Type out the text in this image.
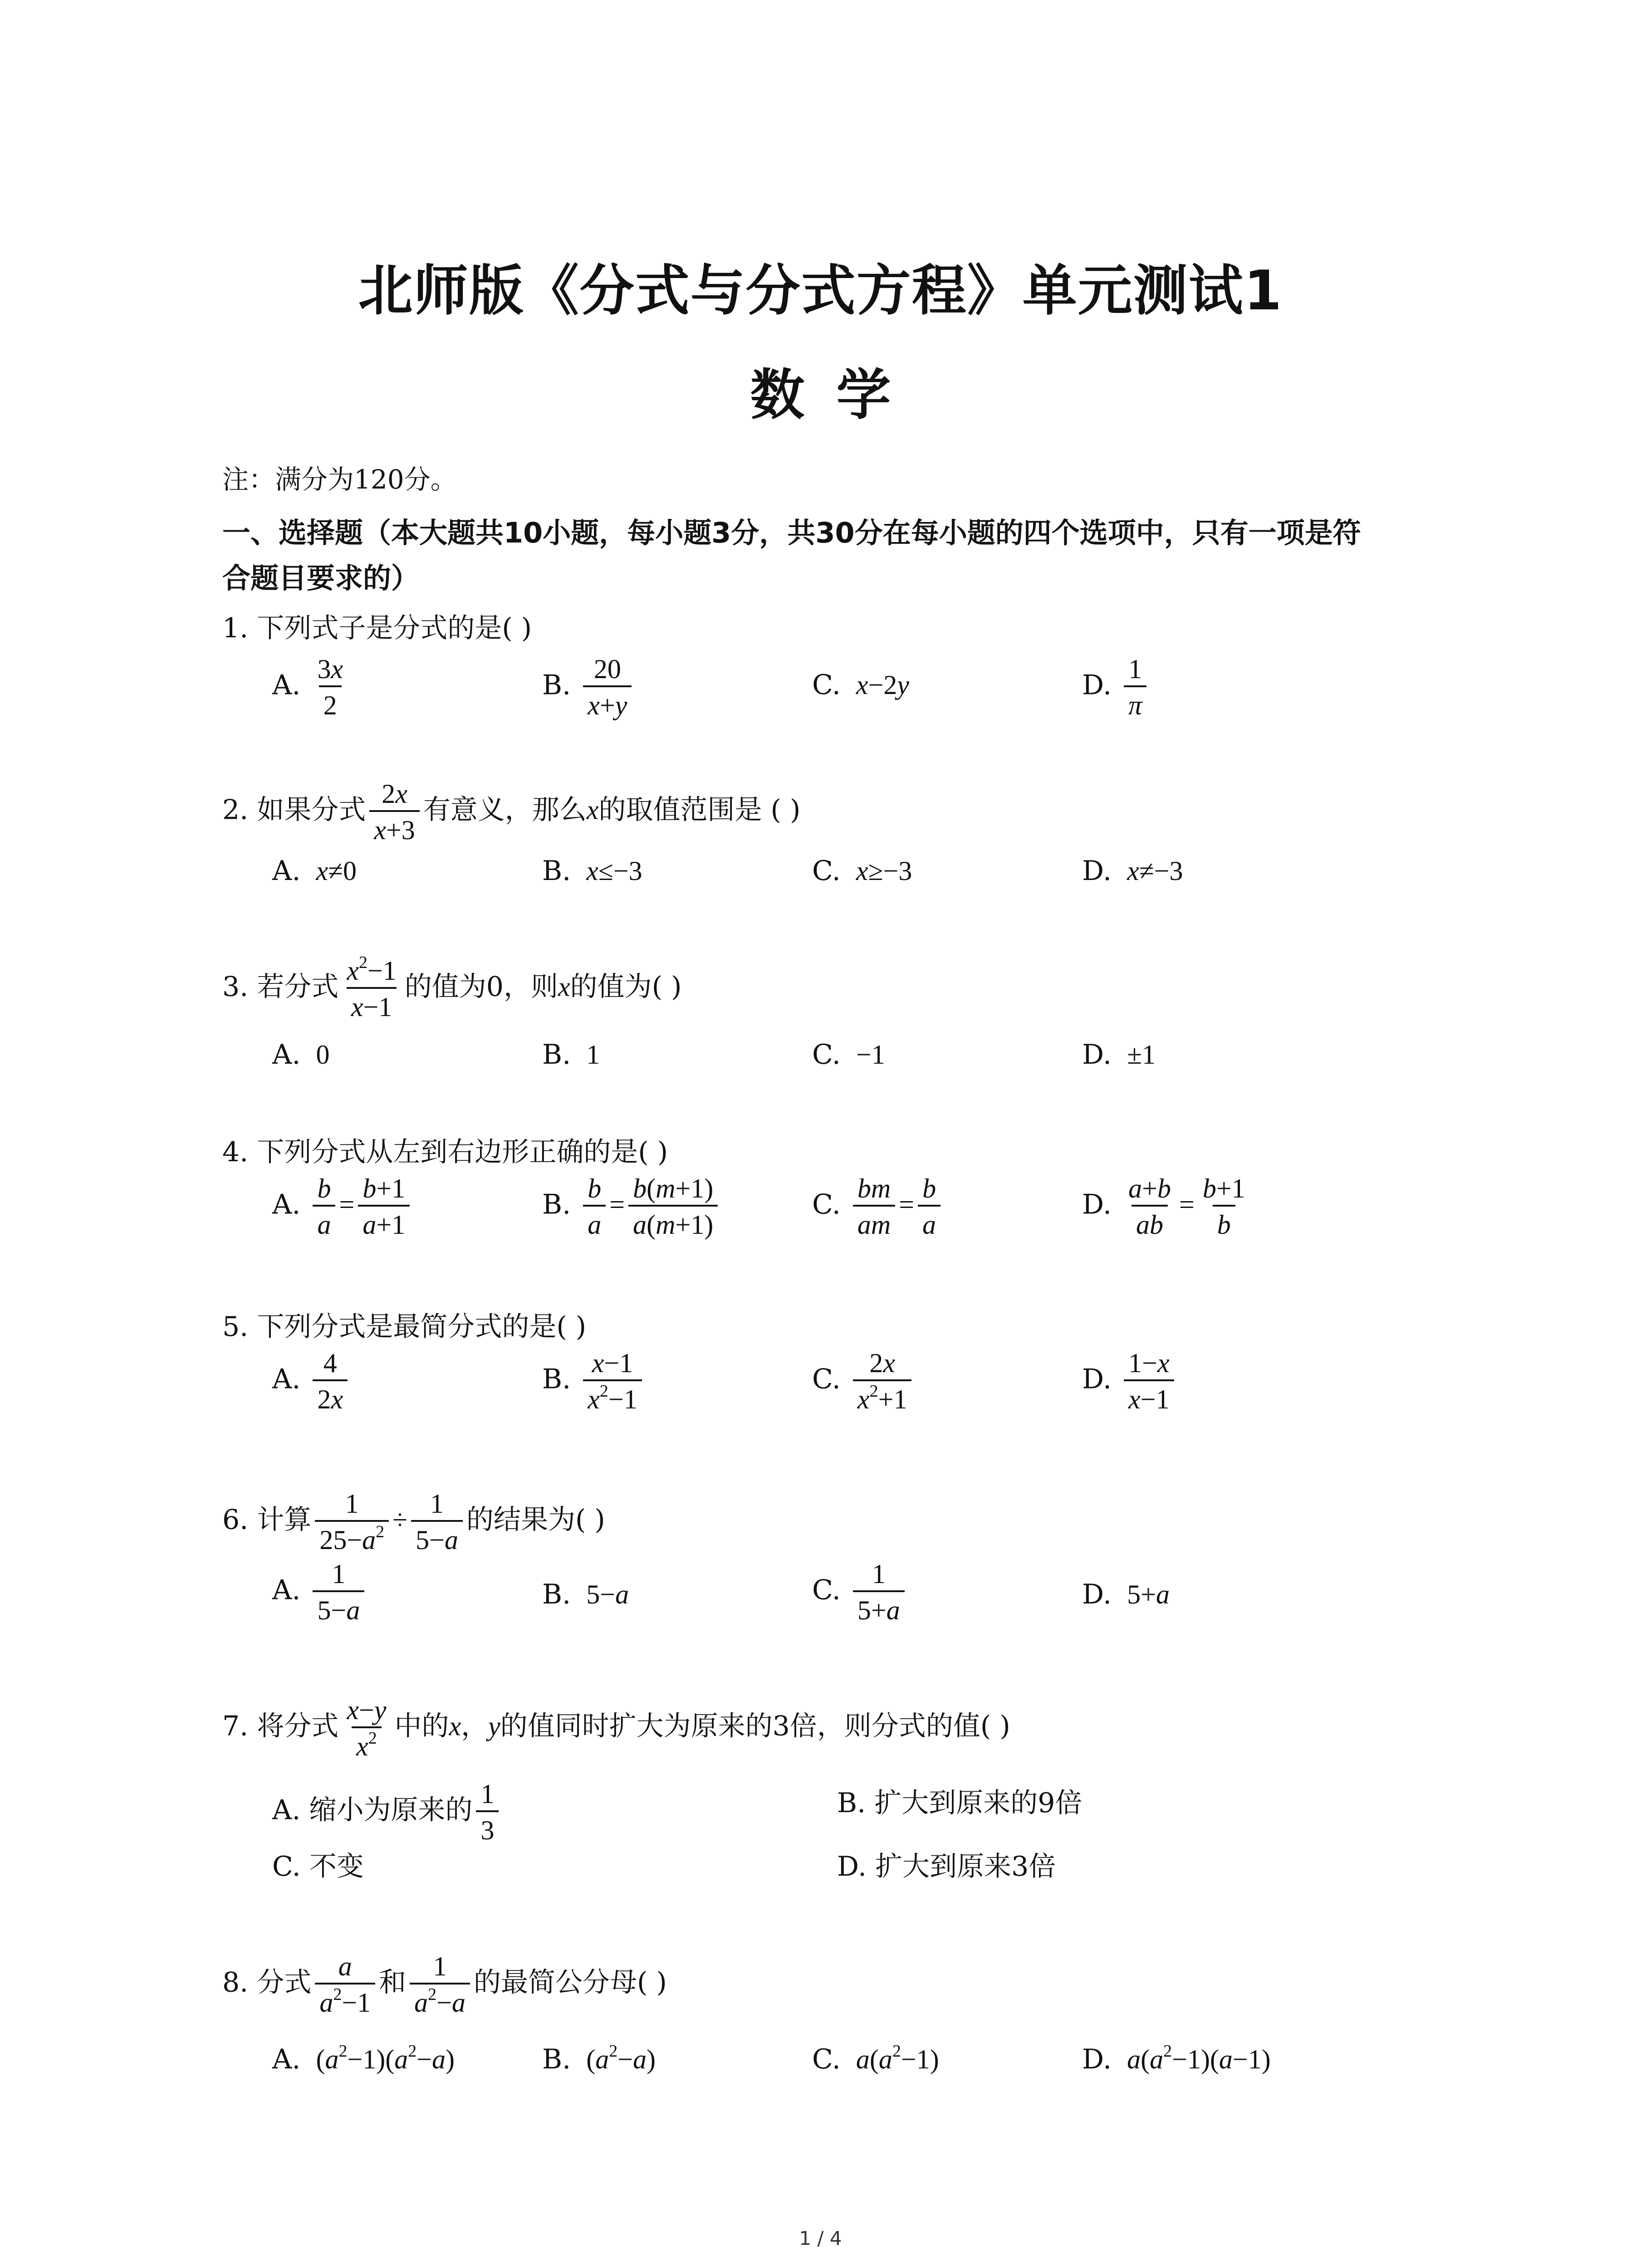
北师版《分式与分式方程》单元测试1
数学
注：满分为120分。
一、选择题（本大题共10小题，每小题3分，共30分在每小题的四个选项中，只有一项是符
合题目要求的）
1. 下列式子是分式的是( )
A. $\frac{3x}{2}$	B. $\frac{20}{x+y}$	C.  x−2y	D. $\frac{1}{\pi}$
2. 如果分式 $\frac{2x}{x+3}$ 有意义，那么x的取值范围是 ( )
A.  x≠0	B.  x≤−3	C.  x≥−3	D.  x≠−3
3. 若分式 $\frac{x^2-1}{x-1}$ 的值为0，则x的值为( )
A.  0	B.  1	C.  −1	D.  ±1
4. 下列分式从左到右边形正确的是( )
A. $\frac{b}{a} = \frac{b+1}{a+1}$	B. $\frac{b}{a} = \frac{b(m+1)}{a(m+1)}$	C. $\frac{bm}{am} = \frac{b}{a}$	D. $\frac{a+b}{ab} = \frac{b+1}{b}$
5. 下列分式是最简分式的是( )
A. $\frac{4}{2x}$	B. $\frac{x-1}{x^2-1}$	C. $\frac{2x}{x^2+1}$	D. $\frac{1-x}{x-1}$
6. 计算 $\frac{1}{25-a^2} \div \frac{1}{5-a}$ 的结果为( )
A. $\frac{1}{5-a}$	B.  5−a	C. $\frac{1}{5+a}$	D.  5+a
7. 将分式 $\frac{x-y}{x^2}$ 中的x，y的值同时扩大为原来的3倍，则分式的值( )
A. 缩小为原来的 $\frac{1}{3}$	B. 扩大到原来的9倍
C. 不变	D. 扩大到原来3倍
8. 分式 $\frac{a}{a^2-1}$ 和 $\frac{1}{a^2-a}$ 的最简公分母( )
A.  $(a^2-1)(a^2-a)$	B.  $(a^2-a)$	C.  $a(a^2-1)$	D.  $a(a^2-1)(a-1)$
1 / 4
